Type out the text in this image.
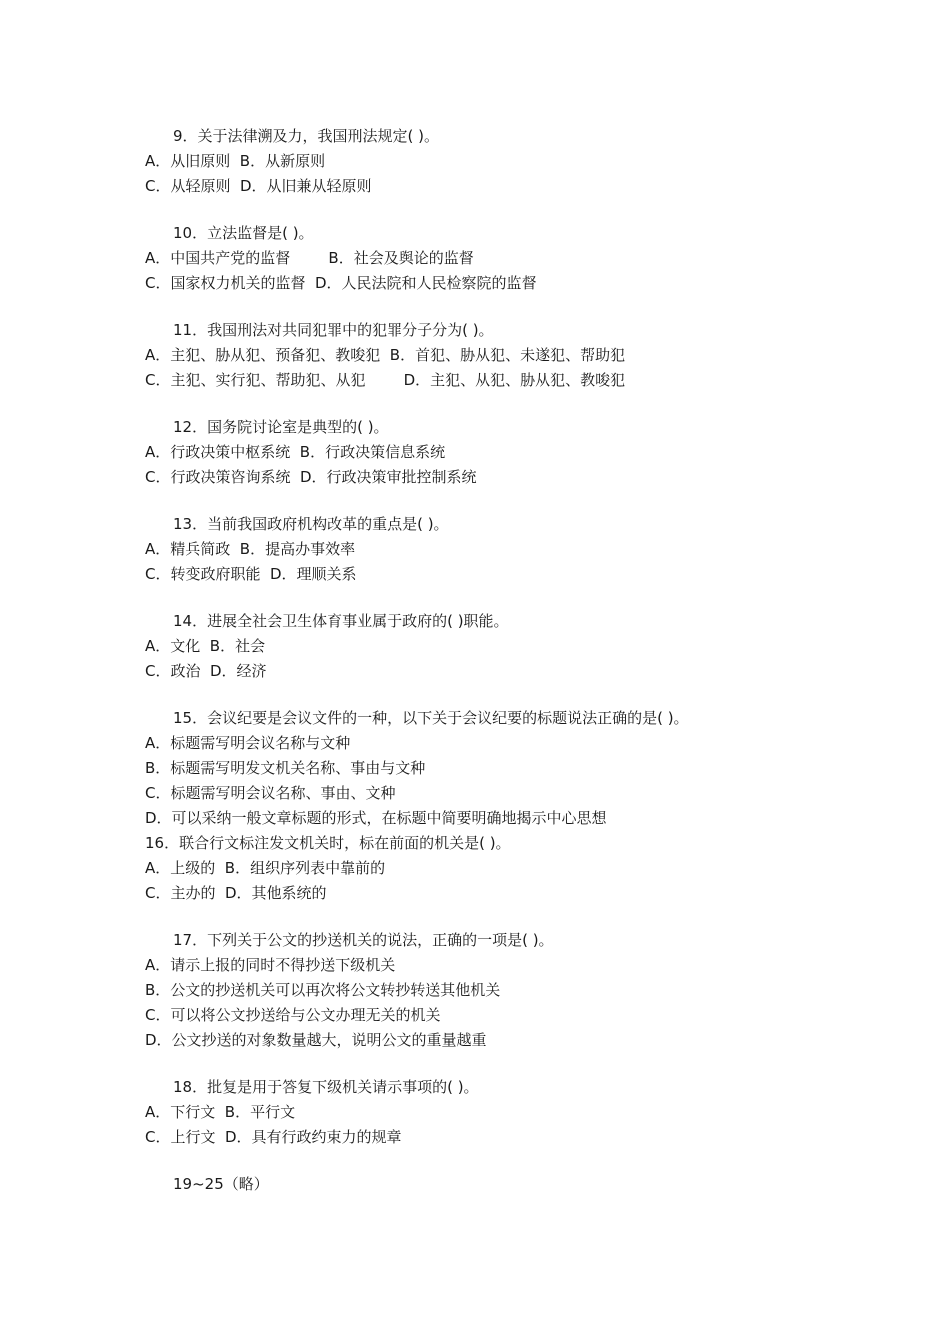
9．关于法律溯及力，我国刑法规定( )。
A．从旧原则  B．从新原则
C．从轻原则  D．从旧兼从轻原则
10．立法监督是( )。
A．中国共产党的监督        B．社会及舆论的监督
C．国家权力机关的监督  D．人民法院和人民检察院的监督
11．我国刑法对共同犯罪中的犯罪分子分为( )。
A．主犯、胁从犯、预备犯、教唆犯  B．首犯、胁从犯、未遂犯、帮助犯
C．主犯、实行犯、帮助犯、从犯        D．主犯、从犯、胁从犯、教唆犯
12．国务院讨论室是典型的( )。
A．行政决策中枢系统  B．行政决策信息系统
C．行政决策咨询系统  D．行政决策审批控制系统
13．当前我国政府机构改革的重点是( )。
A．精兵简政  B．提高办事效率
C．转变政府职能  D．理顺关系
14．进展全社会卫生体育事业属于政府的( )职能。
A．文化  B．社会
C．政治  D．经济
15．会议纪要是会议文件的一种，以下关于会议纪要的标题说法正确的是( )。
A．标题需写明会议名称与文种
B．标题需写明发文机关名称、事由与文种
C．标题需写明会议名称、事由、文种
D．可以采纳一般文章标题的形式，在标题中简要明确地揭示中心思想
16．联合行文标注发文机关时，标在前面的机关是( )。
A．上级的  B．组织序列表中靠前的
C．主办的  D．其他系统的
17．下列关于公文的抄送机关的说法，正确的一项是( )。
A．请示上报的同时不得抄送下级机关
B．公文的抄送机关可以再次将公文转抄转送其他机关
C．可以将公文抄送给与公文办理无关的机关
D．公文抄送的对象数量越大，说明公文的重量越重
18．批复是用于答复下级机关请示事项的( )。
A．下行文  B．平行文
C．上行文  D．具有行政约束力的规章
19~25（略）
